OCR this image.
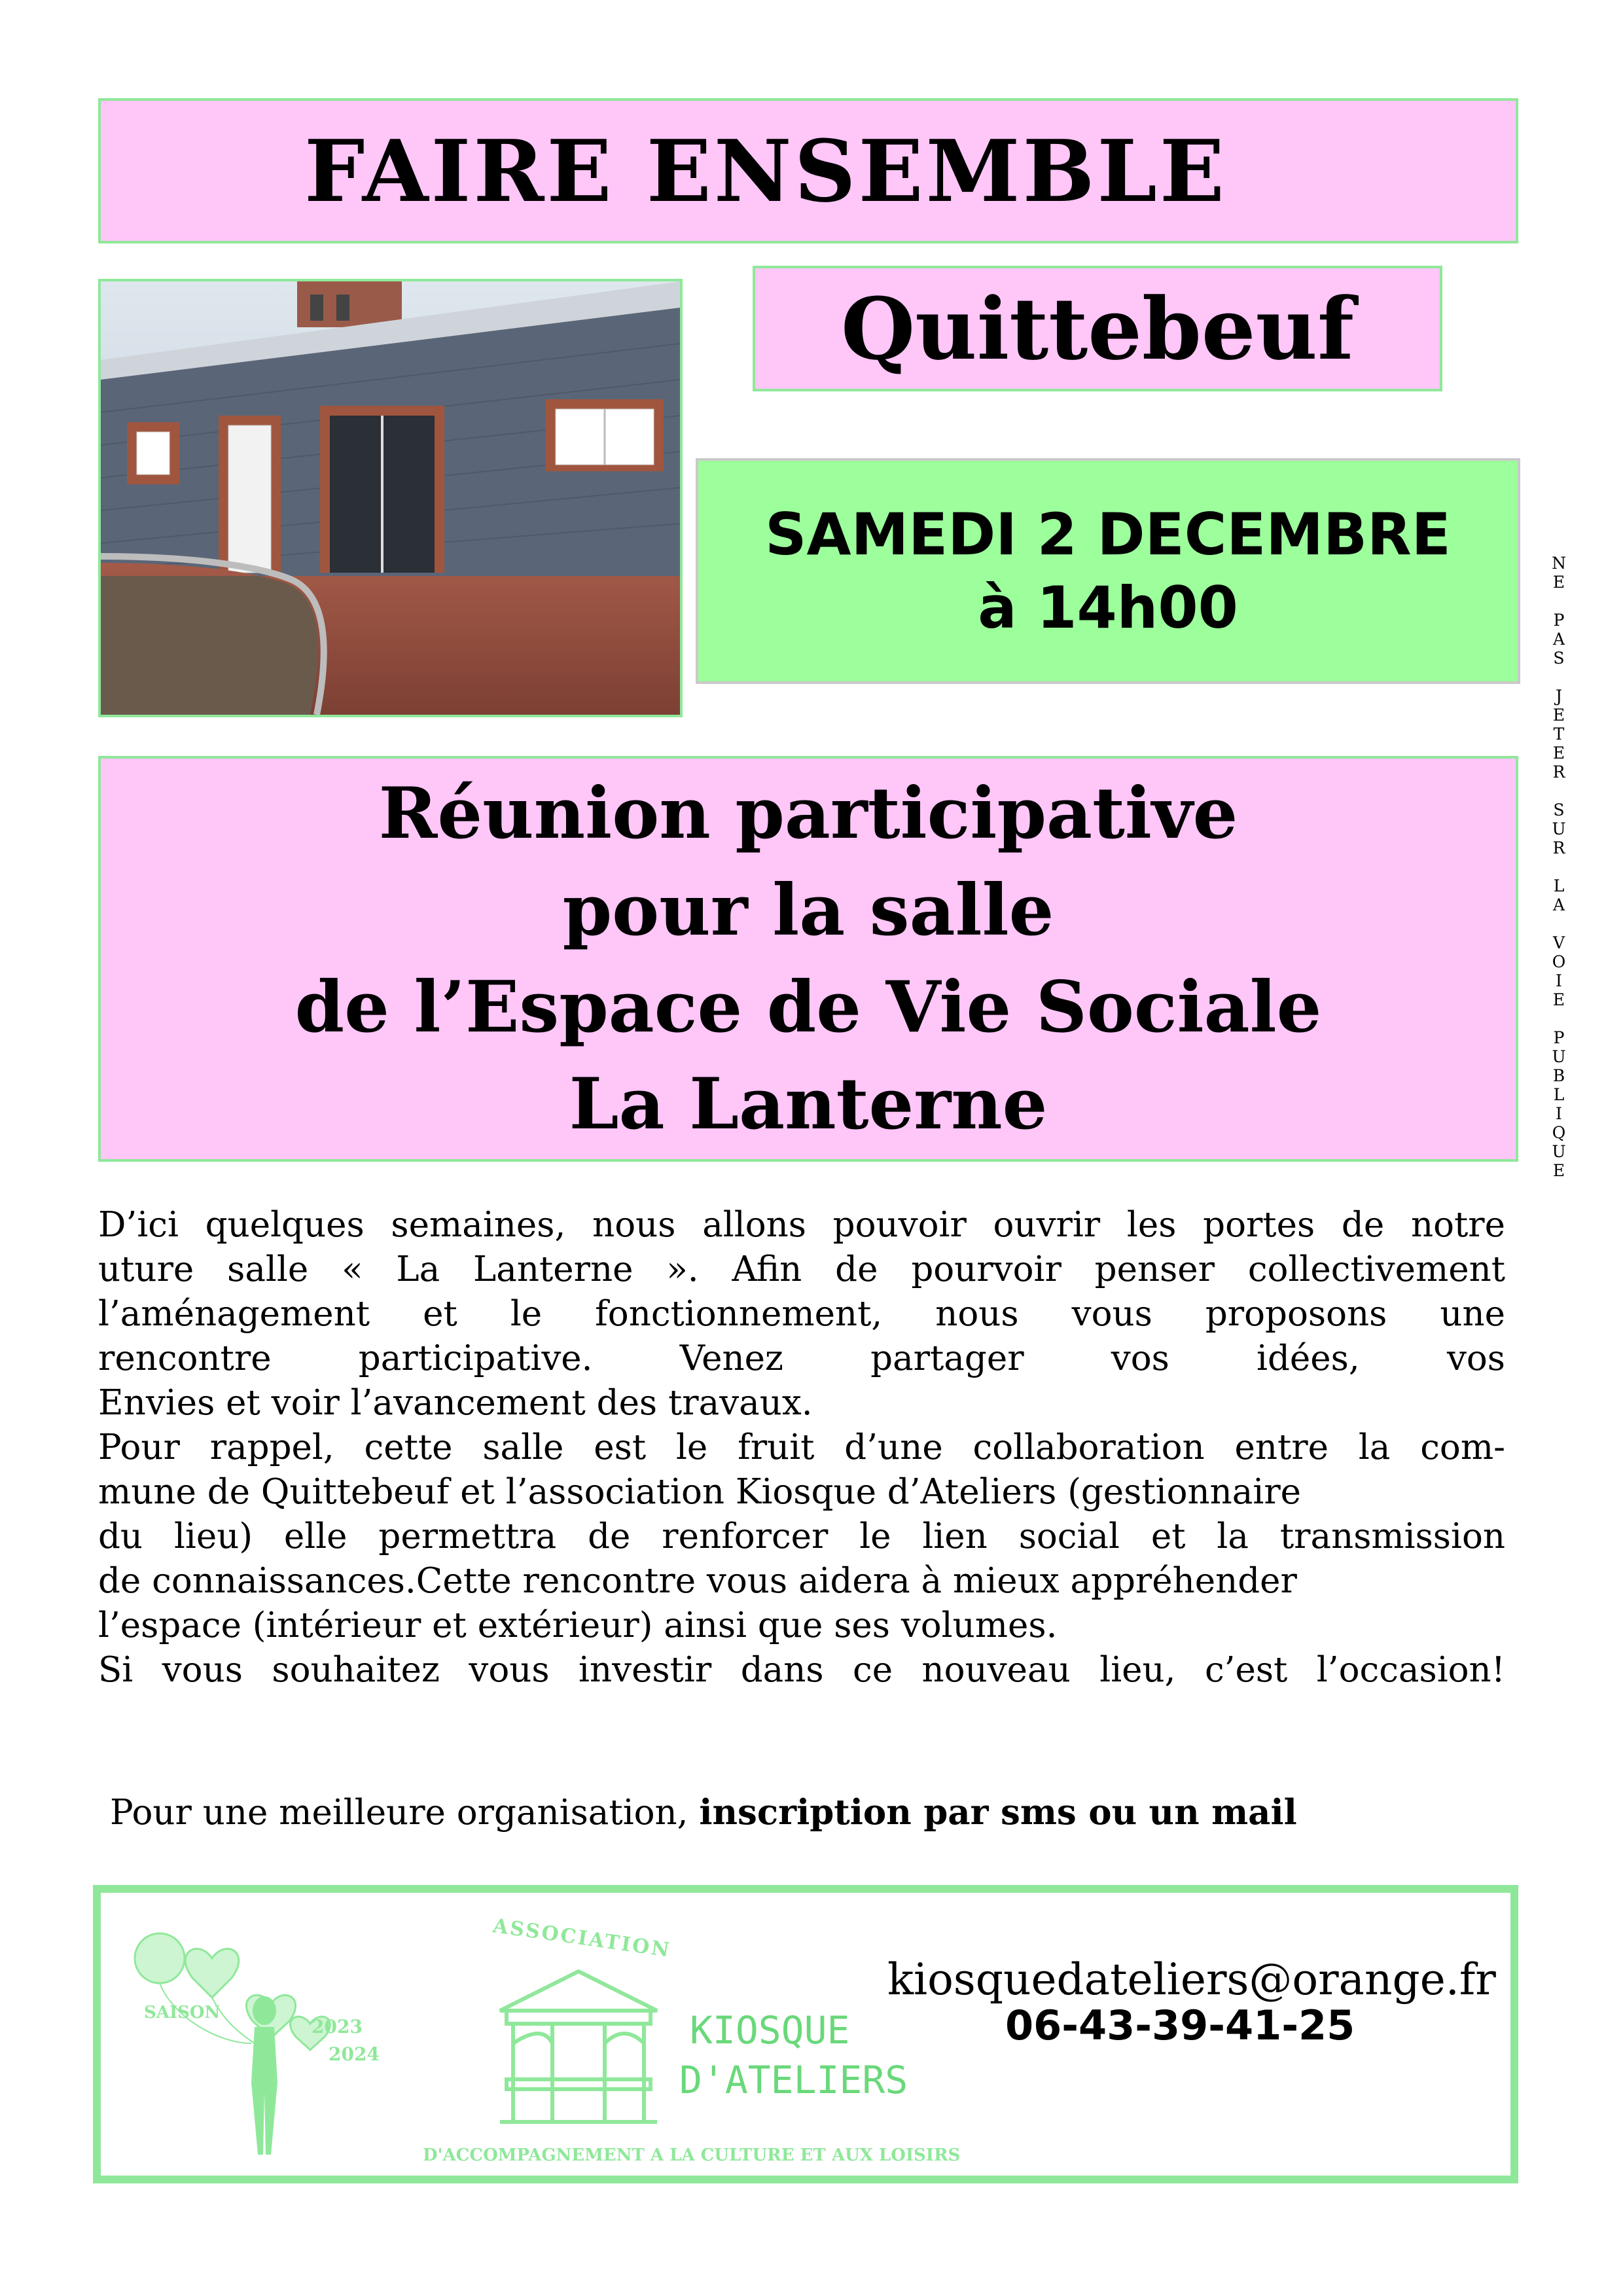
FAIRE ENSEMBLE
Quittebeuf
SAMEDI 2 DECEMBRE
à 14h00
Réunion participative
pour la salle
de l’Espace de Vie Sociale
La Lanterne

D’ici quelques semaines, nous allons pouvoir ouvrir les portes de notre

uture salle « La Lanterne ». Afin de pourvoir penser collectivement

l’aménagement et le fonctionnement, nous vous proposons une

rencontre participative. Venez partager vos idées, vos

Envies et voir l’avancement des travaux.

Pour rappel, cette salle est le fruit d’une collaboration entre la com-

mune de Quittebeuf et l’association Kiosque d’Ateliers (gestionnaire

du lieu) elle permettra de renforcer le lien social et la transmission

de connaissances.Cette rencontre vous aidera à mieux appréhender

l’espace (intérieur et extérieur) ainsi que ses volumes.

Si vous souhaitez vous investir dans ce nouveau lieu, c’est l’occasion!

Pour une meilleure organisation, inscription par sms ou un mail
N
E
P
A
S
J
E
T
E
R
S
U
R
L
A
V
O
I
E
P
U
B
L
I
Q
U
E
SAISON
2023
2024
ASSOCIATION
KIOSQUE
D'ATELIERS
D'ACCOMPAGNEMENT A LA CULTURE ET AUX LOISIRS
kiosquedateliers@orange.fr
06-43-39-41-25
